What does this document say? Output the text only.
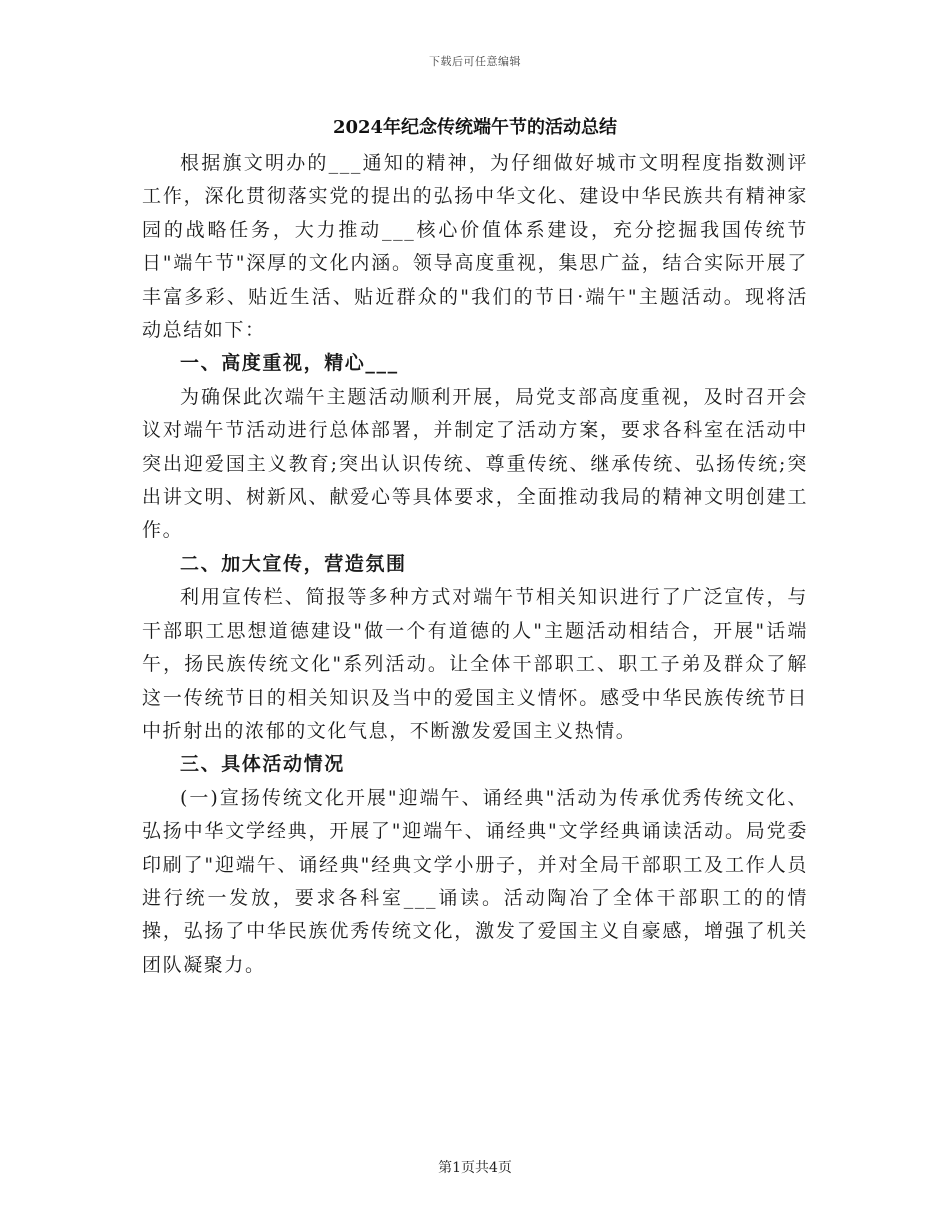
下载后可任意编辑
2024年纪念传统端午节的活动总结

根据旗文明办的___通知的精神，为仔细做好城市文明程度指数测评工作，深化贯彻落实党的提出的弘扬中华文化、建设中华民族共有精神家园的战略任务，大力推动___核心价值体系建设，充分挖掘我国传统节日"端午节"深厚的文化内涵。领导高度重视，集思广益，结合实际开展了丰富多彩、贴近生活、贴近群众的"我们的节日·端午"主题活动。现将活动总结如下：

一、高度重视，精心___

为确保此次端午主题活动顺利开展，局党支部高度重视，及时召开会议对端午节活动进行总体部署，并制定了活动方案，要求各科室在活动中突出迎爱国主义教育;突出认识传统、尊重传统、继承传统、弘扬传统;突出讲文明、树新风、献爱心等具体要求，全面推动我局的精神文明创建工作。

二、加大宣传，营造氛围

利用宣传栏、简报等多种方式对端午节相关知识进行了广泛宣传，与干部职工思想道德建设"做一个有道德的人"主题活动相结合，开展"话端午，扬民族传统文化"系列活动。让全体干部职工、职工子弟及群众了解这一传统节日的相关知识及当中的爱国主义情怀。感受中华民族传统节日中折射出的浓郁的文化气息，不断激发爱国主义热情。

三、具体活动情况

(一)宣扬传统文化开展"迎端午、诵经典"活动为传承优秀传统文化、弘扬中华文学经典，开展了"迎端午、诵经典"文学经典诵读活动。局党委印刷了"迎端午、诵经典"经典文学小册子，并对全局干部职工及工作人员进行统一发放，要求各科室___诵读。活动陶冶了全体干部职工的的情操，弘扬了中华民族优秀传统文化，激发了爱国主义自豪感，增强了机关团队凝聚力。

第1页共4页
